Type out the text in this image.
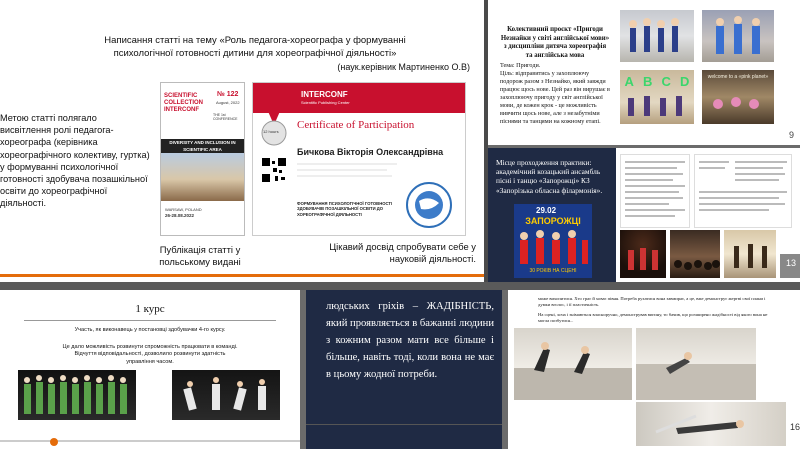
Написання статті на тему «Роль педагога-хореографа у формуванні психологічної готовності дитини для хореографічної діяльності»
(наук.керівник Мартиненко О.В)
Метою статті полягало висвітлення ролі педагога-хореографа (керівника хореографічного колективу, гуртка) у формуванні психологічної готовності здобувача позашкільної освіти до хореографічної діяльності.
SCIENTIFIC
COLLECTION
INTERCONF
№ 122
August, 2022
THE 1st CONFERENCE
DIVERSITY AND INCLUSION IN SCIENTIFIC AREA
WARSAW, POLAND
26-28.08.2022
INTERCONF
Scientific Publishing Center
12 hours
Certificate of Participation
Бичкова Вікторія Олександрівна
ФОРМУВАННЯ ПСИХОЛОГІЧНОЇ ГОТОВНОСТІ ЗДОБУВАЧІВ ПОЗАШКІЛЬНОЇ ОСВІТИ ДО ХОРЕОГРАФІЧНОЇ ДІЯЛЬНОСТІ
Публікація статті у польському видані
Цікавий досвід спробувати себе у науковій діяльності.
Колективний проєкт «Пригоди Незнайки у світі англійської мови» з дисципліни дитяча хореографія та англійська мова
Тема: Пригоди.
Ціль: відправитись у захоплюючу подорож разом з Незнайко, який завжди працює щось нове. Цей раз він вирушає в захоплюючу пригоду у світ англійської мови, де кожен крок - це можливість вивчити щось нове, але з незабутніми піснями та танцями на кожному етапі.
A B C D	welcome to a «pink planet»
9
Місце проходження практики: академічний козацький ансамбль пісні і танцю «Запорожці» КЗ «Запорізька обласна філармонія».
29.02
ЗАПОРОЖЦІ
30 РОКІВ НА СЦЕНІ
13
1 курс
Участь, як виконавець у постановці здобувачки 4-го курсу.
Це дало можливість розвинути спроможність працювати в команді. Відчуття відповідальності, дозволило розвинути здатність управління часом.
людських гріхів – ЖАДІБНІСТЬ, який проявляється в бажанні людини з кожним разом мати все більше і більше, навіть тоді, коли вона не має в цьому жодної потреби.
може вихопитися. Хто грає й ховає півня. Потреба рухатися вона завмирає, а це, вже демонструє жертві свої плани і думки вголос, і її пластичність.
На сцені, хоча і знімаються власноручно, демонстрував вигину, то бачив, що розширено жадібності від якого вона не могла позбутися...
16
